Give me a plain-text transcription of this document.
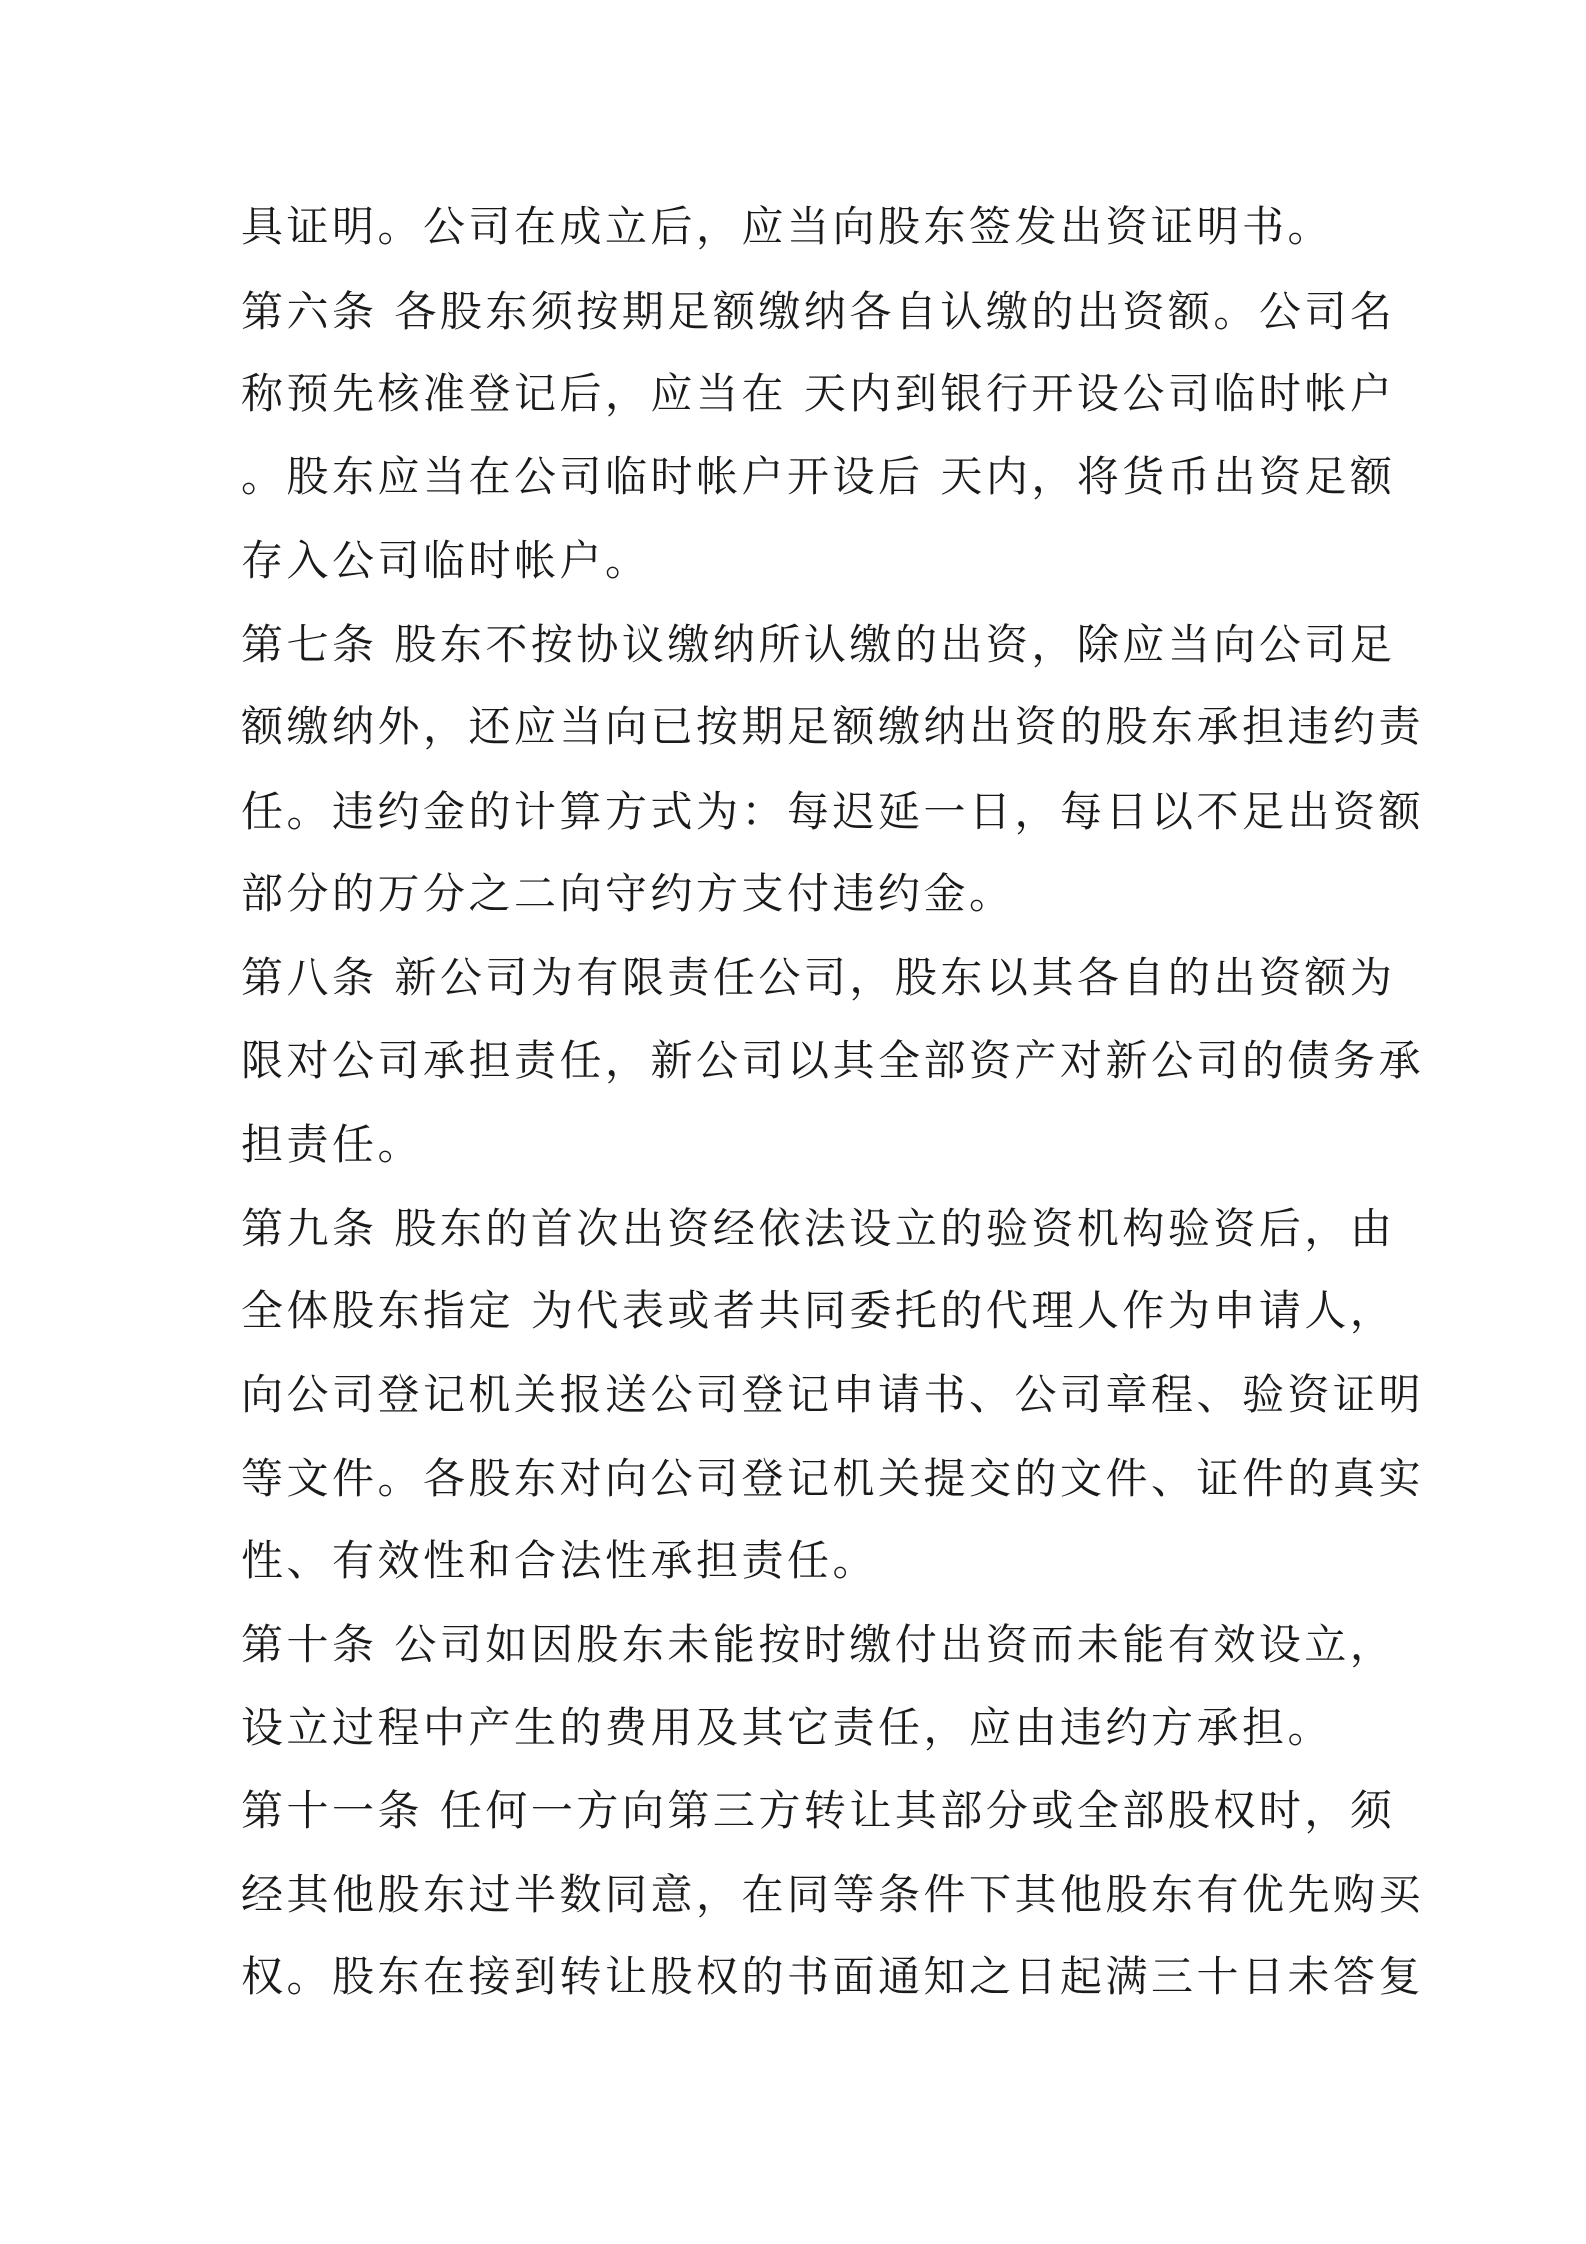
具证明。公司在成立后，应当向股东签发出资证明书。
第六条 各股东须按期足额缴纳各自认缴的出资额。公司名
称预先核准登记后，应当在 天内到银行开设公司临时帐户
。股东应当在公司临时帐户开设后 天内，将货币出资足额
存入公司临时帐户。
第七条 股东不按协议缴纳所认缴的出资，除应当向公司足
额缴纳外，还应当向已按期足额缴纳出资的股东承担违约责
任。违约金的计算方式为：每迟延一日，每日以不足出资额
部分的万分之二向守约方支付违约金。
第八条 新公司为有限责任公司，股东以其各自的出资额为
限对公司承担责任，新公司以其全部资产对新公司的债务承
担责任。
第九条 股东的首次出资经依法设立的验资机构验资后，由
全体股东指定 为代表或者共同委托的代理人作为申请人，
向公司登记机关报送公司登记申请书、公司章程、验资证明
等文件。各股东对向公司登记机关提交的文件、证件的真实
性、有效性和合法性承担责任。
第十条 公司如因股东未能按时缴付出资而未能有效设立，
设立过程中产生的费用及其它责任，应由违约方承担。
第十一条 任何一方向第三方转让其部分或全部股权时，须
经其他股东过半数同意，在同等条件下其他股东有优先购买
权。股东在接到转让股权的书面通知之日起满三十日未答复
